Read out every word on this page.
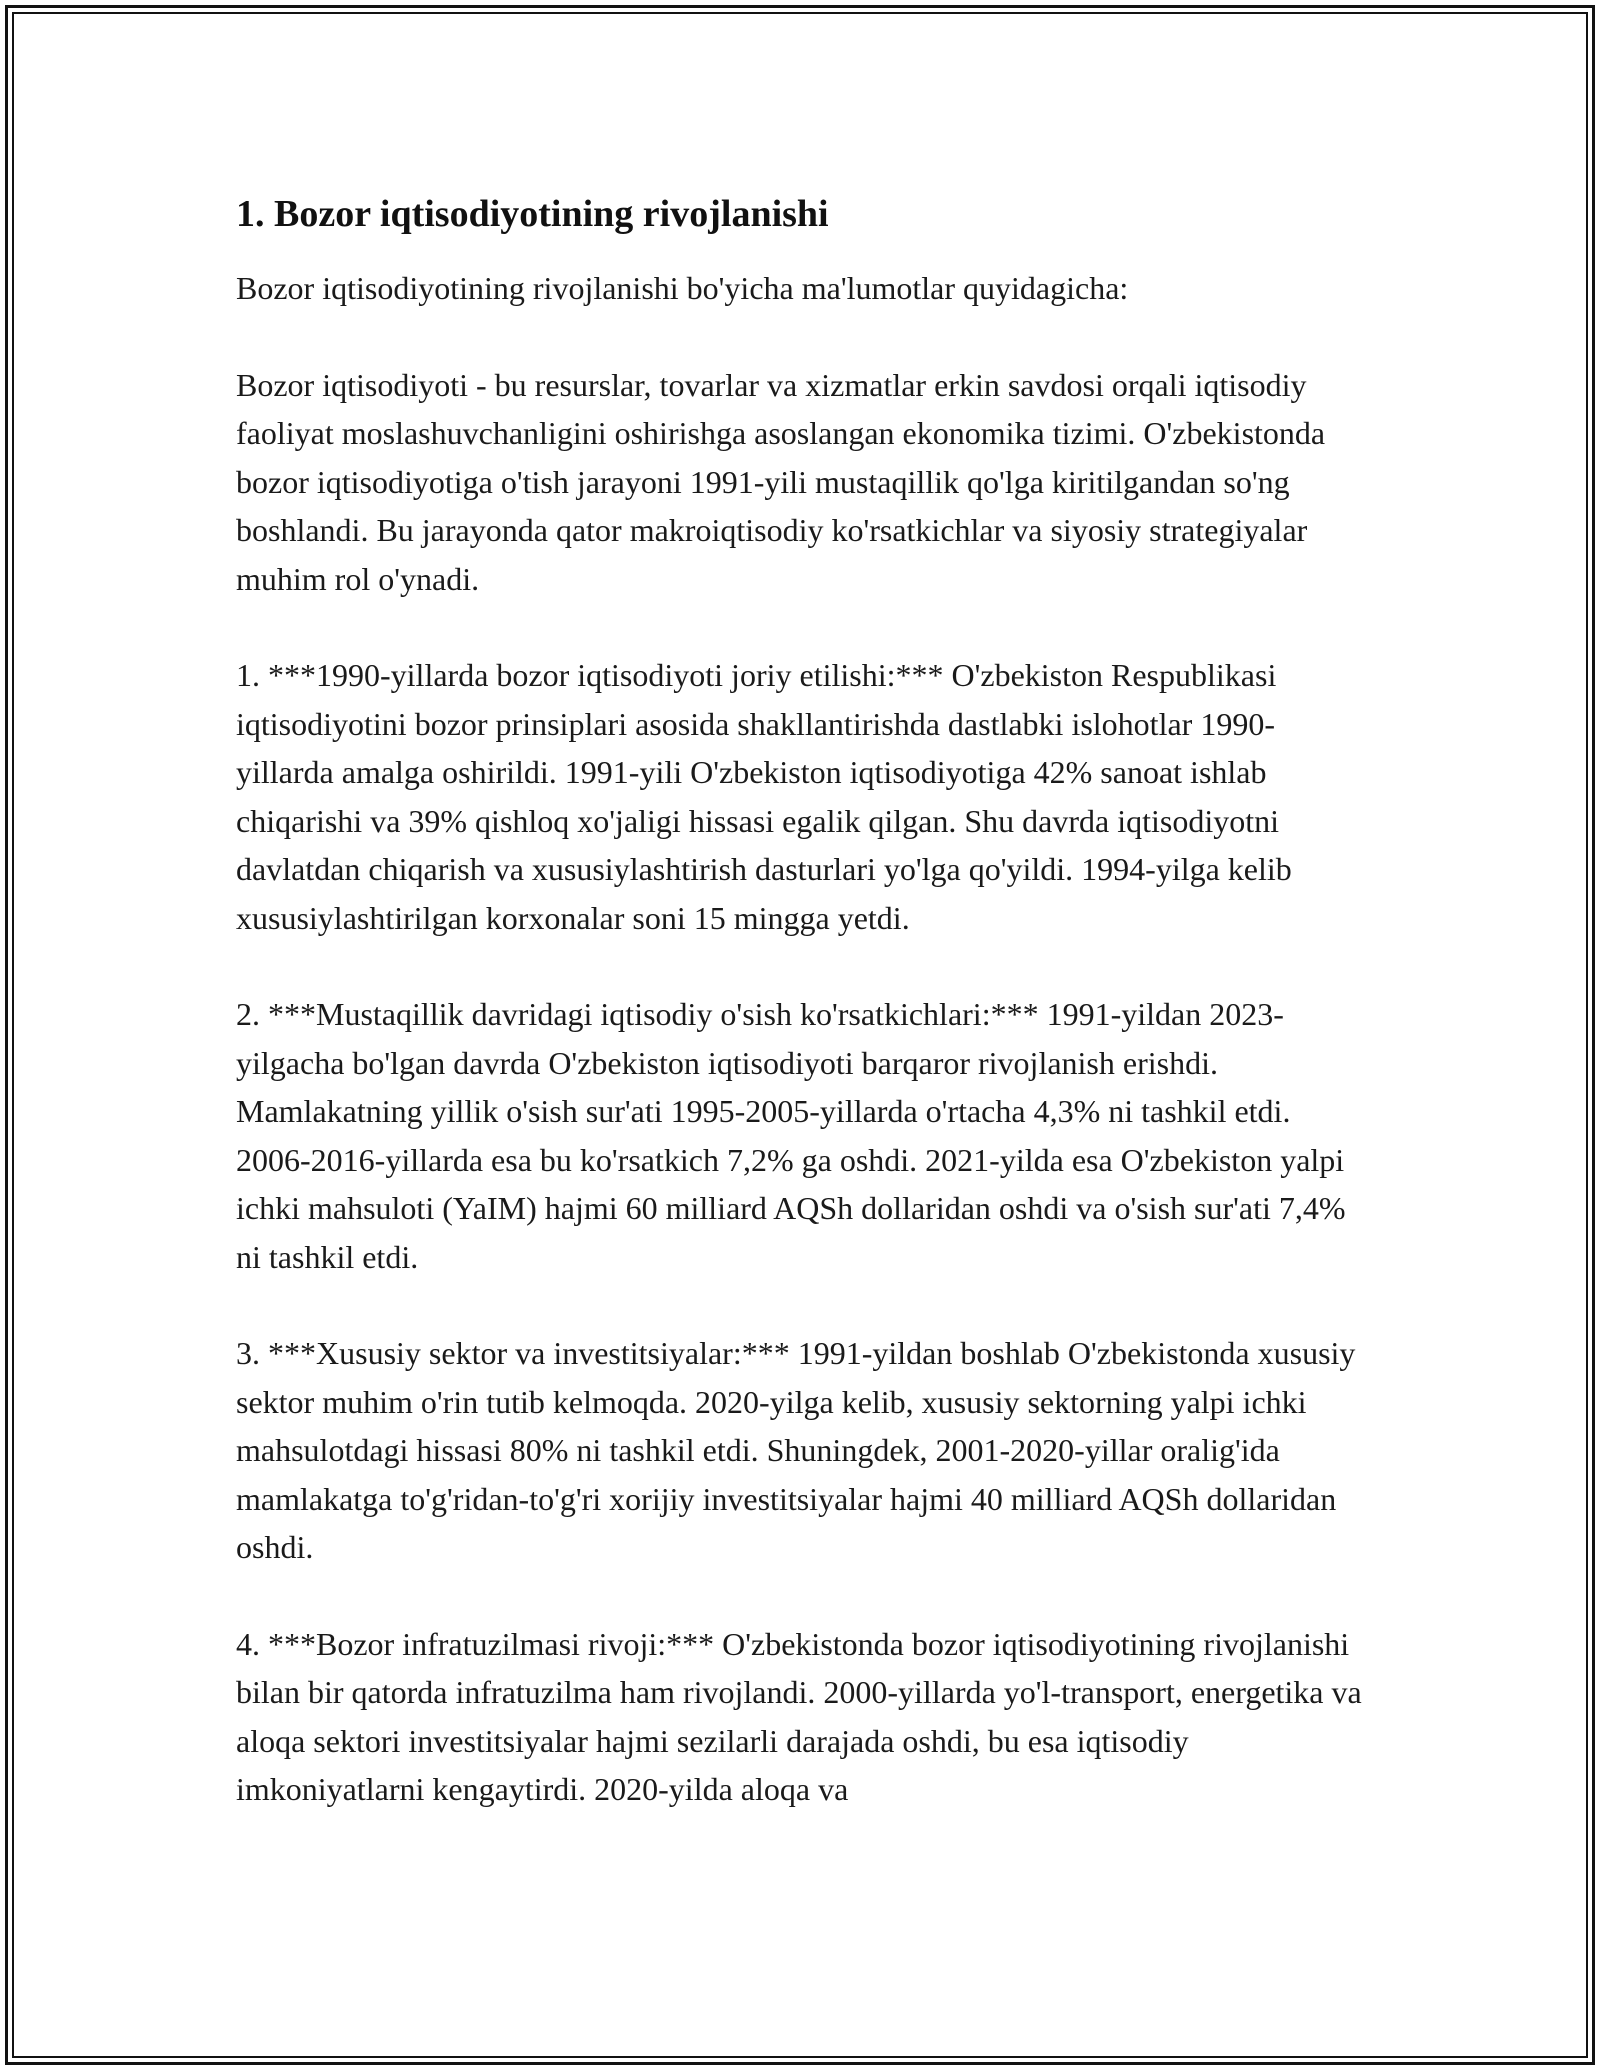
1. Bozor iqtisodiyotining rivojlanishi

Bozor iqtisodiyotining rivojlanishi bo'yicha ma'lumotlar quyidagicha:

Bozor iqtisodiyoti - bu resurslar, tovarlar va xizmatlar erkin savdosi orqali iqtisodiy faoliyat moslashuvchanligini oshirishga asoslangan ekonomika tizimi. O'zbekistonda bozor iqtisodiyotiga o'tish jarayoni 1991-yili mustaqillik qo'lga kiritilgandan so'ng boshlandi. Bu jarayonda qator makroiqtisodiy ko'rsatkichlar va siyosiy strategiyalar muhim rol o'ynadi.

1. ***1990-yillarda bozor iqtisodiyoti joriy etilishi:*** O'zbekiston Respublikasi iqtisodiyotini bozor prinsiplari asosida shakllantirishda dastlabki islohotlar 1990-yillarda amalga oshirildi. 1991-yili O'zbekiston iqtisodiyotiga 42% sanoat ishlab chiqarishi va 39% qishloq xo'jaligi hissasi egalik qilgan. Shu davrda iqtisodiyotni davlatdan chiqarish va xususiylashtirish dasturlari yo'lga qo'yildi. 1994-yilga kelib xususiylashtirilgan korxonalar soni 15 mingga yetdi.

2. ***Mustaqillik davridagi iqtisodiy o'sish ko'rsatkichlari:*** 1991-yildan 2023-yilgacha bo'lgan davrda O'zbekiston iqtisodiyoti barqaror rivojlanish erishdi. Mamlakatning yillik o'sish sur'ati 1995-2005-yillarda o'rtacha 4,3% ni tashkil etdi. 2006-2016-yillarda esa bu ko'rsatkich 7,2% ga oshdi. 2021-yilda esa O'zbekiston yalpi ichki mahsuloti (YaIM) hajmi 60 milliard AQSh dollaridan oshdi va o'sish sur'ati 7,4% ni tashkil etdi.

3. ***Xususiy sektor va investitsiyalar:*** 1991-yildan boshlab O'zbekistonda xususiy sektor muhim o'rin tutib kelmoqda. 2020-yilga kelib, xususiy sektorning yalpi ichki mahsulotdagi hissasi 80% ni tashkil etdi. Shuningdek, 2001-2020-yillar oralig'ida mamlakatga to'g'ridan-to'g'ri xorijiy investitsiyalar hajmi 40 milliard AQSh dollaridan oshdi.

4. ***Bozor infratuzilmasi rivoji:*** O'zbekistonda bozor iqtisodiyotining rivojlanishi bilan bir qatorda infratuzilma ham rivojlandi. 2000-yillarda yo'l-transport, energetika va aloqa sektori investitsiyalar hajmi sezilarli darajada oshdi, bu esa iqtisodiy imkoniyatlarni kengaytirdi. 2020-yilda aloqa va
